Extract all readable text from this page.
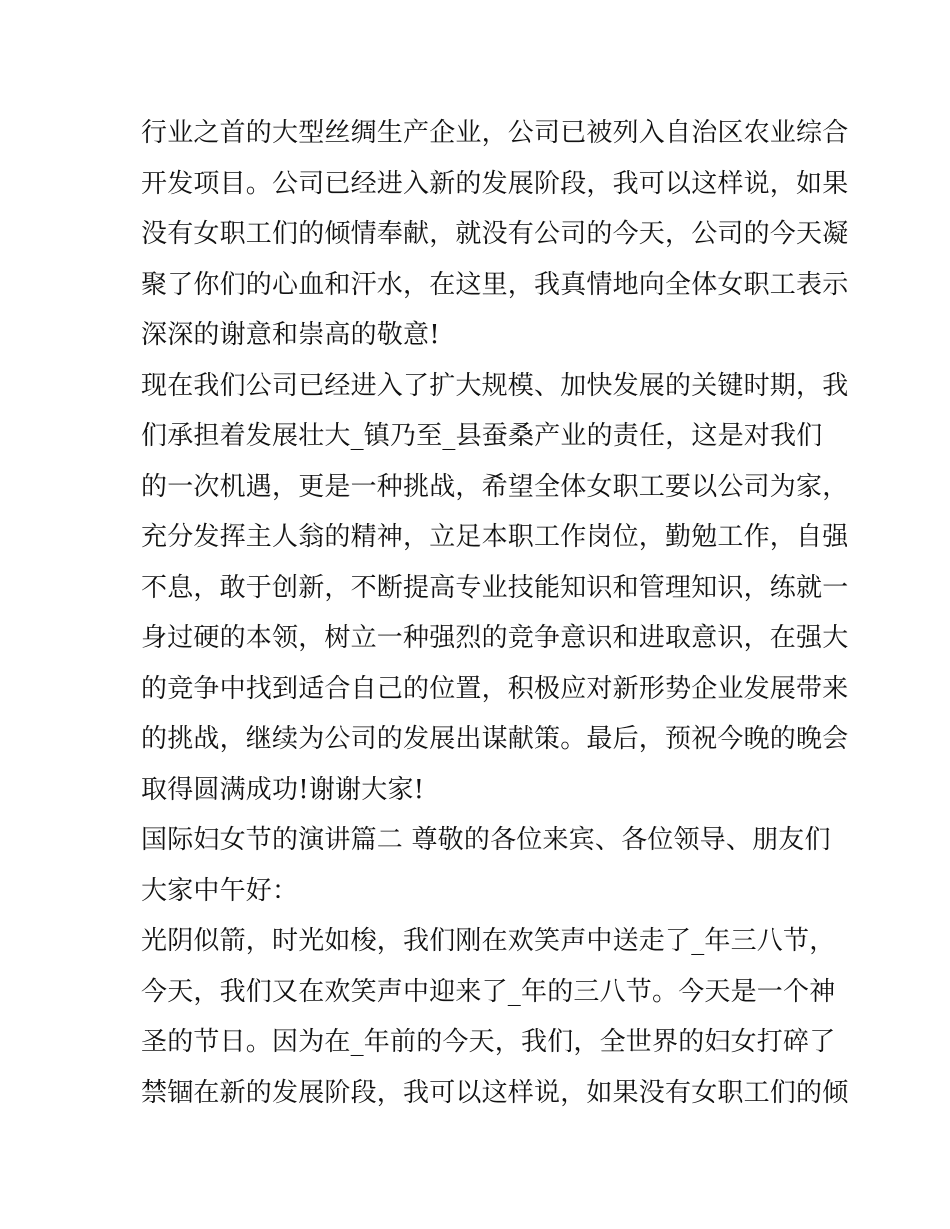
行业之首的大型丝绸生产企业，公司已被列入自治区农业综合
开发项目。公司已经进入新的发展阶段，我可以这样说，如果
没有女职工们的倾情奉献，就没有公司的今天，公司的今天凝
聚了你们的心血和汗水，在这里，我真情地向全体女职工表示
深深的谢意和崇高的敬意!
现在我们公司已经进入了扩大规模、加快发展的关键时期，我
们承担着发展壮大_镇乃至_县蚕桑产业的责任，这是对我们
的一次机遇，更是一种挑战，希望全体女职工要以公司为家，
充分发挥主人翁的精神，立足本职工作岗位，勤勉工作，自强
不息，敢于创新，不断提高专业技能知识和管理知识，练就一
身过硬的本领，树立一种强烈的竞争意识和进取意识，在强大
的竞争中找到适合自己的位置，积极应对新形势企业发展带来
的挑战，继续为公司的发展出谋献策。最后，预祝今晚的晚会
取得圆满成功!谢谢大家!
国际妇女节的演讲篇二 尊敬的各位来宾、各位领导、朋友们
大家中午好：
光阴似箭，时光如梭，我们刚在欢笑声中送走了_年三八节，
今天，我们又在欢笑声中迎来了_年的三八节。今天是一个神
圣的节日。因为在_年前的今天，我们，全世界的妇女打碎了
禁锢在新的发展阶段，我可以这样说，如果没有女职工们的倾
